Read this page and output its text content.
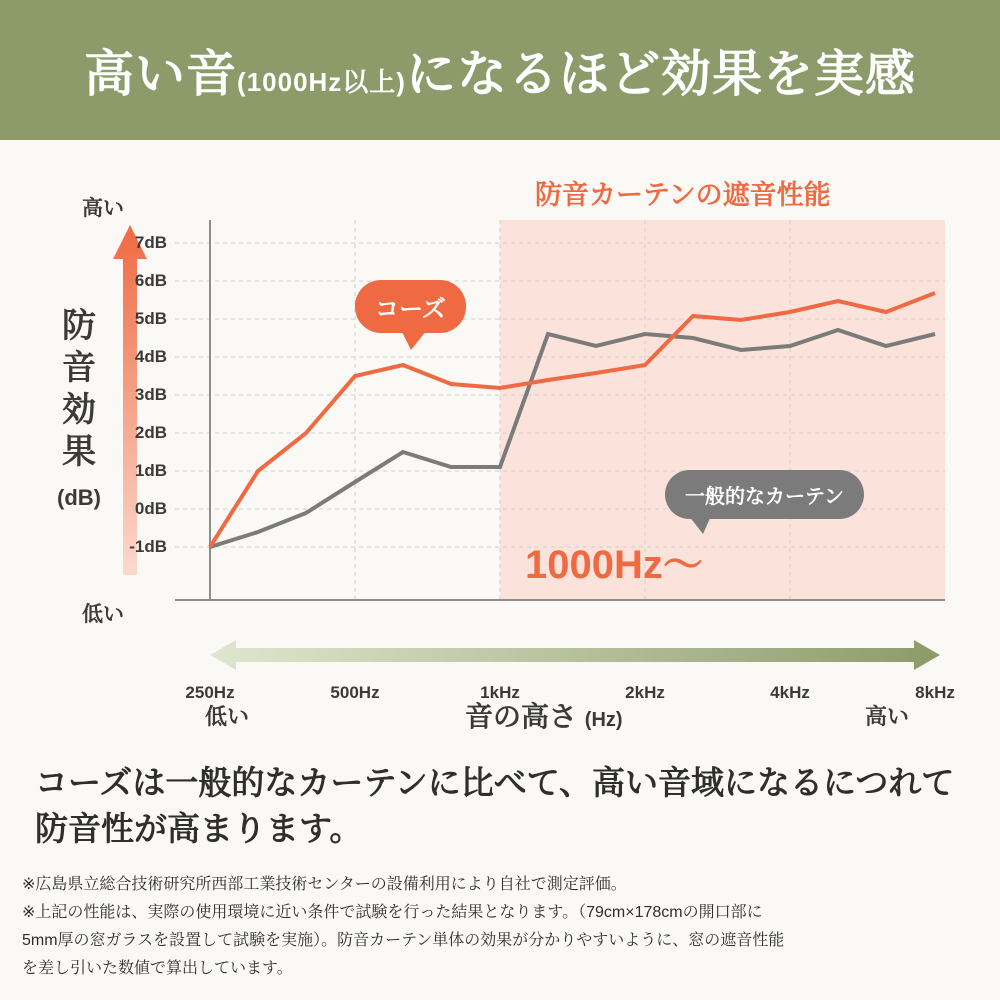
高い音 (1000Hz以上) になるほど効果を実感
防音カーテンの遮音性能
防
音
効
果
(dB)
高い
低い
7dB
6dB
5dB
4dB
3dB
2dB
1dB
0dB
-1dB
250Hz	500Hz	1kHz	2kHz	4kHz	8kHz
コーズ
一般的なカーテン
1000Hz～
低い	高い
音の高さ (Hz)
コーズは一般的なカーテンに比べて、高い音域になるにつれて防音性が高まります。
※広島県立総合技術研究所西部工業技術センターの設備利用により自社で測定評価。
※上記の性能は、実際の使用環境に近い条件で試験を行った結果となります。（79cm×178cmの開口部に
5mm厚の窓ガラスを設置して試験を実施）。防音カーテン単体の効果が分かりやすいように、窓の遮音性能
を差し引いた数値で算出しています。
